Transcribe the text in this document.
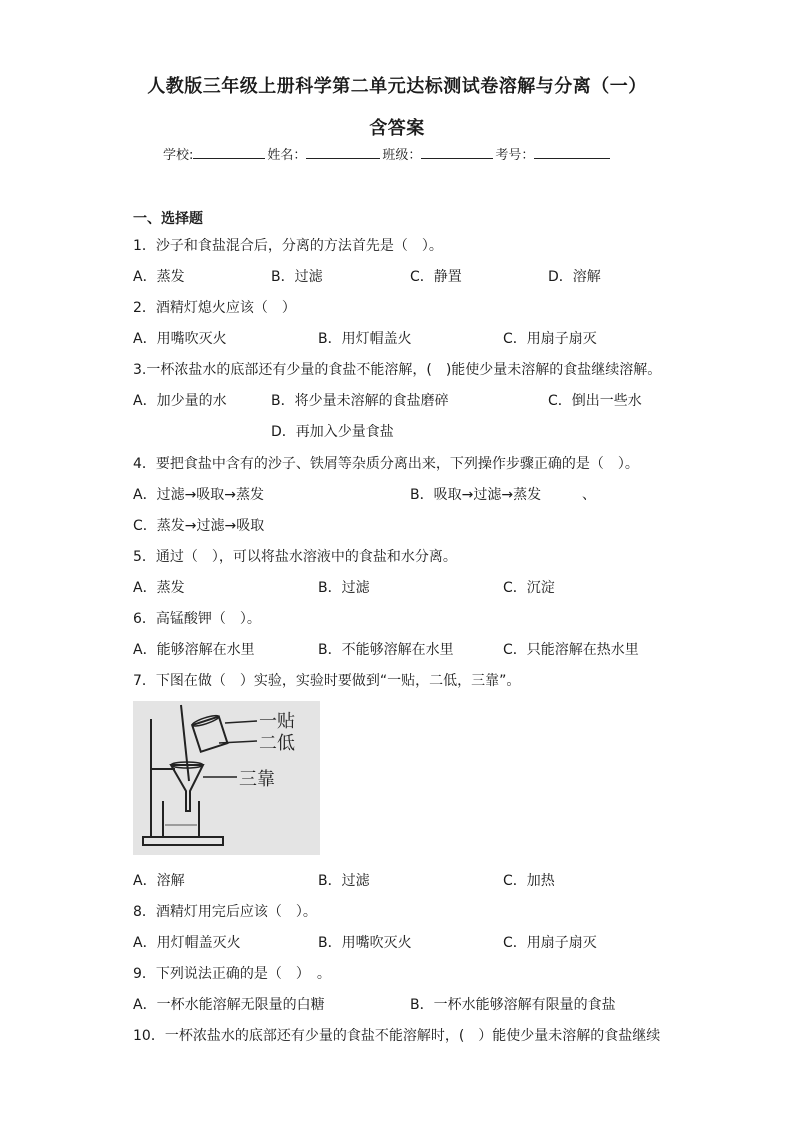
人教版三年级上册科学第二单元达标测试卷溶解与分离（一）
含答案
学校:	姓名：	班级：	考号：
一、选择题
1．沙子和食盐混合后，分离的方法首先是（　）。
A．蒸发	B．过滤	C．静置	D．溶解
2．酒精灯熄火应该（　）
A．用嘴吹灭火	B．用灯帽盖火	C．用扇子扇灭
3.一杯浓盐水的底部还有少量的食盐不能溶解，(　)能使少量未溶解的食盐继续溶解。
A．加少量的水	B．将少量未溶解的食盐磨碎	C．倒出一些水
D．再加入少量食盐
4．要把食盐中含有的沙子、铁屑等杂质分离出来，下列操作步骤正确的是（　）。
A．过滤→吸取→蒸发	B．吸取→过滤→蒸发	、
C．蒸发→过滤→吸取
5．通过（　），可以将盐水溶液中的食盐和水分离。
A．蒸发	B．过滤	C．沉淀
6．高锰酸钾（　）。
A．能够溶解在水里	B．不能够溶解在水里	C．只能溶解在热水里
7．下图在做（　）实验，实验时要做到“一贴，二低，三靠”。
一贴
二低
三靠
A．溶解	B．过滤	C．加热
8．酒精灯用完后应该（　）。
A．用灯帽盖灭火	B．用嘴吹灭火	C．用扇子扇灭
9．下列说法正确的是（　）　。
A．一杯水能溶解无限量的白糖	B．一杯水能够溶解有限量的食盐
10．一杯浓盐水的底部还有少量的食盐不能溶解时，(　）能使少量未溶解的食盐继续
